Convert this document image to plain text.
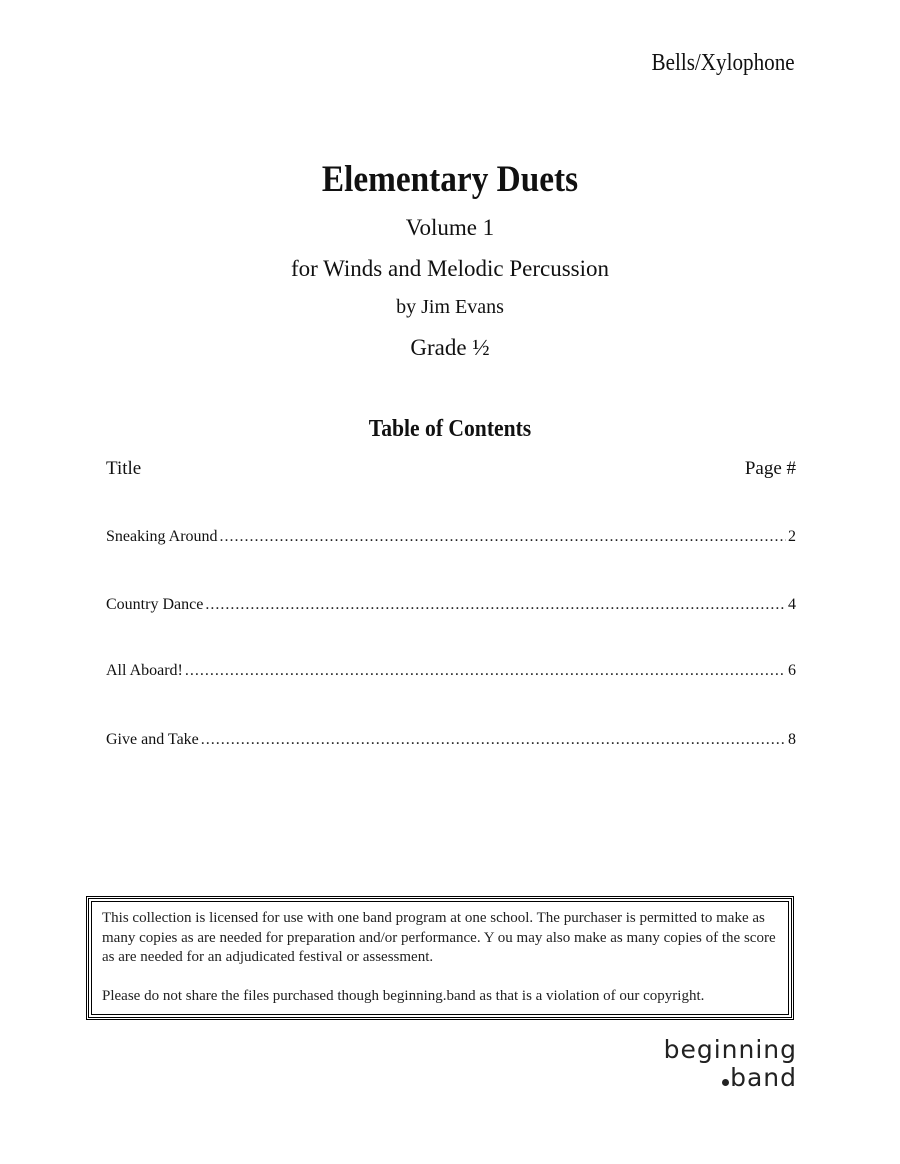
Bells/Xylophone
Elementary Duets
Volume 1
for Winds and Melodic Percussion
by Jim Evans
Grade ½
Table of Contents
Title	Page #
Sneaking Around .....	2
Country Dance .....	4
All Aboard! .....	6
Give and Take .....	8

This collection is licensed for use with one band program at one school. The purchaser is permitted to make as many copies as are needed for preparation and/or performance. Y ou may also make as many copies of the score as are needed for an adjudicated festival or assessment.

Please do not share the files purchased though beginning.band as that is a violation of our copyright.

beginning
band
